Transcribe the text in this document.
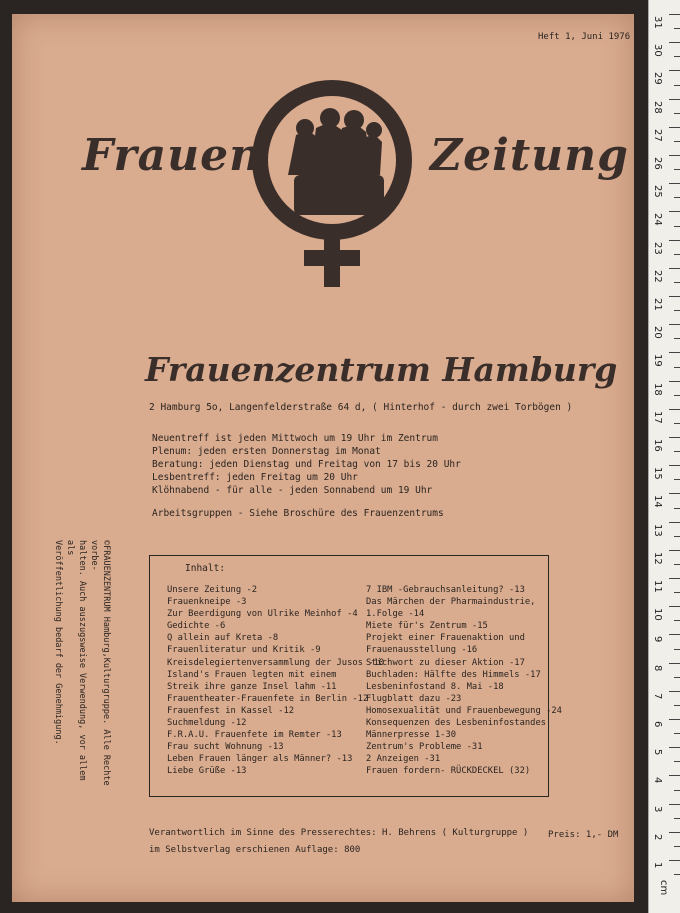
cm
31
30
29
28
27
26
25
24
23
22
21
20
19
18
17
16
15
14
13
12
11
10
9
8
7
6
5
4
3
2
1
Heft 1, Juni 1976
Frauen	Zeitung
Frauenzentrum Hamburg
2 Hamburg 5o, Langenfelderstraße 64 d, ( Hinterhof - durch zwei Torbögen )
Neuentreff ist jeden Mittwoch um 19 Uhr im Zentrum
Plenum: jeden ersten Donnerstag im Monat
Beratung: jeden Dienstag und Freitag von 17 bis 20 Uhr
Lesbentreff: jeden Freitag um 20 Uhr
Klöhnabend - für alle - jeden Sonnabend um 19 Uhr
Arbeitsgruppen - Siehe Broschüre des Frauenzentrums
©FRAUENZENTRUM Hamburg,Kulturgruppe. Alle Rechte vorbe-
halten. Auch auszugsweise Verwendung, vor allem als
Veröffentlichung bedarf der Genehmigung.	Inhalt:
Unsere Zeitung -2
Frauenkneipe -3
Zur Beerdigung von Ulrike Meinhof -4
Gedichte -6
Q allein auf Kreta -8
Frauenliteratur und Kritik -9
Kreisdelegiertenversammlung der Jusos -10
Island's Frauen legten mit einem
Streik ihre ganze Insel lahm -11
Frauentheater-Frauenfete in Berlin -12
Frauenfest in Kassel -12
Suchmeldung -12
F.R.A.U. Frauenfete im Remter -13
Frau sucht Wohnung -13
Leben Frauen länger als Männer? -13
Liebe Grüße -13
7 IBM -Gebrauchsanleitung? -13
Das Märchen der Pharmaindustrie,
1.Folge -14
Miete für's Zentrum -15
Projekt einer Frauenaktion und
Frauenausstellung -16
Stichwort zu dieser Aktion -17
Buchladen: Hälfte des Himmels -17
Lesbeninfostand 8. Mai -18
Flugblatt dazu -23
Homosexualität und Frauenbewegung -24
Konsequenzen des Lesbeninfostandes
Männerpresse 1-30
Zentrum's Probleme -31
2 Anzeigen -31
Frauen fordern- RÜCKDECKEL (32)
Verantwortlich im Sinne des Presserechtes: H. Behrens ( Kulturgruppe )
im Selbstverlag erschienen Auflage: 800
Preis: 1,- DM
